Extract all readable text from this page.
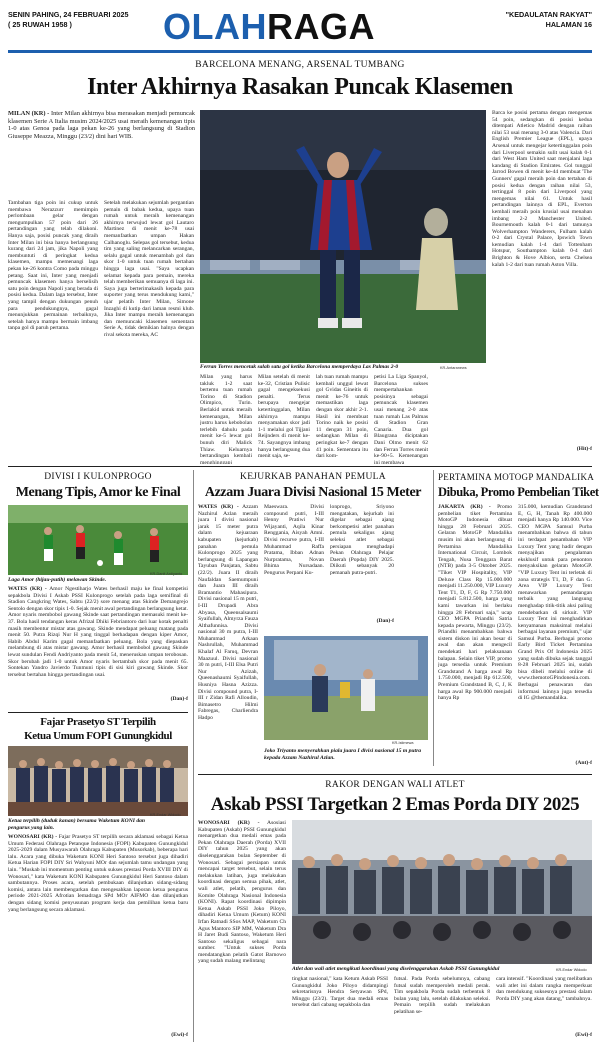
SENIN PAHING, 24 FEBRUARI 2025
( 25 RUWAH 1958 )	OLAHRAGA	"KEDAULATAN RAKYAT"
HALAMAN 16
BARCELONA MENANG, ARSENAL TUMBANG
Inter Akhirnya Rasakan Puncak Klasemen
MILAN (KR) - Inter Milan akhirnya bisa merasakan menjadi pemuncak klasemen Serie A Italia musim 2024/2025 usai meraih kemenangan tipis 1-0 atas Genoa pada laga pekan ke-26 yang berlangsung di Stadion Giuseppe Meazza, Minggu (23/2) dini hari WIB.
Tambahan tiga poin ini cukup untuk membawa Nerazzurr memimpin perlombaan gelar dengan mengumpulkan 57 poin dari 26 pertandingan yang telah dilakoni. Hanya saja, posisi puncak yang diraih Inter Milan ini bisa hanya berlangsung kurang dari 24 jam, jika Napoli yang membuntuti di peringkat kedua klasemen, mampu memenangi laga pekan ke-26 kontra Como pada minggu petang. Saat ini, Inter yang menjadi pemuncak klasemen hanya berselisih satu poin dengan Napoli yang berada di posisi kedua. Dalam laga tersebut, Inter yang tampil dengan dukungan penuh para pendukungnya, gagal menunjukkan permainan terbaiknya, setelah hanya mampu bermain imbang tanpa gol di paruh pertama.
Setelah melakukan sejumlah pergantian pemain di babak kedua, upaya tuan rumah untuk meraih kemenangan akhirnya terwujud lewat gol Lautaro Martinez di menit ke-78 usai memanfaatkan umpan Hakan Calhanoglu. Selepas gol tersebut, kedua tim yang saling melancarkan serangan, selalu gagal untuk menambah gol dan skor 1-0 untuk tuan rumah bertahan hingga laga usai. "Saya ucapkan selamat kepada para pemain, mereka telah memberikan semuanya di laga ini. Saya juga berterimakasih kepada para suporter yang terus mendukung kami," ujar pelatih Inter Milan, Simone Inzaghi di kutip dari laman resmi klub. Jika Inter mampu meraih kemenangan dan memuncaki klasemen sementara Serie A, tidak demikian halnya dengan rival sekota mereka, AC
Ferran Torres mencetak salah satu gol ketika Barcelona memperdaya Las Palmas 2-0	KR-Antaranews
Milan yang harus takluk 1-2 saat bertemu tuan rumah Torino di Stadion Olimpico, Turin. Berlakid untuk meraih kemenangan, Milan justru harus kebobolan terlebih dahulu pada menit ke-5 lewat gol bunuh diri Malick Thiaw. Keluarnya bertandingan kembali menghinggapi
Milan setelah di menit ke-32, Cristian Pulisic gagal mengeksekusi penalti. Terus berupaya mengejar ketertinggalan, Milan akhirnya mampu menyamakan skor jadi 1-1 melalui gol Tijjani Reijnders di menit ke-74. Sayangnya imbang hanya berlangsung dua menit saja, se-
lah tuan rumah mampu kembali unggul lewat gol Gvidas Gineitis di menit ke-76 untuk memastikan laga dengan skor akhir 2-1. Hasil ini membuat Torino naik ke posisi 11 dengan 31 poin, sedangkan Milan di peringkat ke-7 dengan 41 poin. Sementara itu dari kom-
petisi La Liga Spanyol, Barcelona sukses mempertahankan posisinya sebagai pemuncak klasemen usai menang 2-0 atas tuan rumah Las Palmas di Stadion Gran Canaria. Dua gol Blaugrana diciptakan Dani Olmo menit 62 dan Ferran Torres menit ke-90+5. Kemenangan ini membawa
Barca ke posisi pertama dengan mengemas 54 poin, sedangkan di posisi kedua ditempati Atletico Madrid dengan raihan nilai 53 usai menang 3-0 atas Valencia. Dari English Premier League (EPL), upaya Arsenal untuk mengejar ketertinggalan poin dari Liverpool semakin sulit usai kalah 0-1 dari West Ham United saat menjalani laga kandang di Stadion Emirates. Gol tunggal Jarrod Bowen di menit ke-44 membuat 'The Gunners' gagal meraih poin dan tertahan di posisi kedua dengan raihan nilai 53, tertinggal 8 poin dari Liverpool yang mengemas nilai 61. Untuk hasil pertandingan lainnya di EPL, Everton kembali meraih poin krusial usai menahan imbang 2-2 Manchester United. Bournemouth kalah 0-1 dari tamunya Wolverhampton Wanderers, Fulham kalah 0-2 dari Crystal Palace, Ipswich Town kemudian kalah 1-4 dari Tottenham Hotspur, Southampton kalah 0-4 dari Brighton & Hove Albion, serta Chelsea kalah 1-2 dari tuan rumah Aston Villa.
(Hit)-f
DIVISI I KULONPROGO
Menang Tipis, Amor ke Final
Laga Amor (hijau-putih) melawan Skinde.
KR-Danit Ardiyanto
WATES (KR) - Amor Ngestiharjo Wates berhasil maju ke final kompetisi sepakbola Divisi I Askab PSSI Kulonprogo setelah pada laga semifinal di Stadion Cangkring Wates, Sabtu (22/2) sore menang atas Skinde Demangrejo Sentolo dengan skor tipis 1-0. Sejak menit awal pertandingan berlangsung ketat. Amor nyaris membobol gawang Skinde saat pertandingan memasuki menit ke-37. Bola hasil tendangan keras Afrizal Dhiki Febriantoro dari luar kotak penalti masih membentur mistar atas gawang. Skinde mendapat peluang matang pada menit 50. Putra Rizqi Nur H yang tinggal berhadapan dengan kiper Amor, Habib Abdul Karim gagal memanfaatkan peluang. Bola yang diepaskan melambung di atas mistar gawang. Amor berhasil membobol gawang Skinde lewat sundulan Fendi Andriyanto pada menit 54, meneruskan umpan terobosan. Skor berubah jadi 1-0 untuk Amor nyaris bertambah skor pada menit 65. Sontekan Yandro Javierdo Tunmuni tipis di sisi kiri gawang Skinde. Skor tersebut bertahan hingga pertandingan usai.
(Dan)-f
Fajar Prasetyo ST Terpilih
Ketua Umum FOPI Gunungkidul
Ketua terpilih (duduk kanan) bersama Waketum KONI dan pengurus yang lain.
KR-Endar Widodo
WONOSARI (KR) - Fajar Prasetyo ST terpilih secara aklamasi sebagai Ketua Umum Federasi Olahraga Petanque Indonesia (FOPI) Kabupaten Gunungkidul 2025-2029 dalam Musyawarah Olahraga Kabupaten (Musorkab), beberapa hari lalu. Acara yang dibuka Waketum KONI Heri Santoso tersebut juga dihadiri Ketua Harian FOPI DIY Sri Wahyuni MOr dan sejumlah tamu undangan yang lain. "Muskab ini momentum penting untuk sukses prestasi Porda XVIII DIY di Wonosari," kata Waketum KONI Kabupaten Gunungkidul Heri Santoso dalam sambutannya. Proses acara, setelah pembukaan dilanjutkan sidang-sidang komisi, antara lain membengarkan dan mengesahkan laporan ketua pengurus periode 2021-2025 Afrotian Iemadraga SPd MOr AIFMO dan dilanjutkan dengan sidang komisi penyusunan program kerja dan pemilihan ketua baru yang berlangsung secara aklamasi.
(Ewi)-f
KEJURKAB PANAHAN PEMULA
Azzam Juara Divisi Nasional 15 Meter
WATES (KR) - Azzam Nazhirul Azlan meraih juara I divisi nasional jarak 15 meter putra dalam kejuaraan kabupaten (kejurkab) panahan pemula Kulonprogo 2025 yang berlangsung di Lapangan Tayuban Panjatan, Sabtu (22/2). Juara II diraih Naufaldan Saemumpuni dan Juara III diraih Bramantio Mahasipura. Divisi nasional 15 m putri, I-III Drupadi Abra Abyasa, Queensalsaumi Syaifullah, Almyrza Fauza Althafunnisa. Divisi nasional 30 m putra, I-III Muhammad Arkaan Nashrullah, Muhammad Khalaf Al Faruq, Devran Maazuul. Divisi nasional 30 m putri, I-III Elsa Putri Nur Azizah, Queenashaumi Syaifullah, Husniya Hasna Azizza. Divisi compound putra, I-III r Zidan Rafi Alloudin, Bimasetro Hilmi Fabregas, Charliendra Hadpo
Maeswara. Divisi compound putri, I-III Henny Pratiwi Nur Wijayanti, Aqila Kinar Renggania, Aisyah Amni. Divisi recurve putra, I-III Muhammad Raffa Pratama, Ibban Adnan Nurpratama, Novan Bhima Nursadaan. Pengurus Perpani Ku-
lonprogo, Sriyono mengatakan, kejurkab ini digelar sebagai ajang berkompetisi atlet panahan pemula sekaligus ajang seleksi atlet sebagai persiapan menghadapi Pekan Olahraga Pelajar Daerah (Popda) DIY 2025. Diikuti sebanyak 20 pemanah putra-putri.
(Dan)-f
KR-Istimewa
Joko Triyanto menyerahkan piala juara I divisi nasional 15 m putra kepada Azzam Nazhirul Azlan.
PERTAMINA MOTOGP MANDALIKA
Dibuka, Promo Pembelian Tiket
JAKARTA (KR) - Promo pembelian tiket Pertamina MotoGP Indonesia dibuat hingga 28 Februari 2025. Gelaran MotoGP Mandalika musim ini akan berlangsung di Pertamina Mandalika International Circuit, Lombok Tengah, Nusa Tenggara Barat (NTB) pada 3-5 Oktober 2025. "Tiket VIP Hospitality, VIP Deluxe Class Rp 15.000.000 menjadi 11.250.000, VIP Luxury Tent T1, D, F, G Rp 7.750.000 menjadi 5.812.500, harga yang kami tawarkan ini berlaku hingga 28 Februari saja," ucap CEO MGPA Priandhi Satria kepada pewarta, Minggu (23/2). Priandhi menambahkan bahwa sistem diskon ini akan besar di awal dan akan mengecil mendekati hari pelaksanaan balapan. Selain tiket VIP, promo juga tersedia untuk Premium Grandstand A harga awal Rp 1.750.000, menjadi Rp 612.500, Premium Grandstand B, C, J, K harga awal Rp 900.000 menjadi hanya Rp
315.000, kemudian Grandstand E, G, H, Tanah Rp 400.000 menjadi hanya Rp 140.000. Vice CEO MGPA Samsul Purba menambahkan bahwa di tahun ini terdapat penambahan VIP Luxury Tent yang hadir dengan menyajikan pengalaman eksklusif untuk para penonton menyaksikan gelaran MotoGP. "VIP Luxury Tent ini terletak di zona strategis T1, D, F dan G. Area VIP Luxury Tent menawarkan pemandangan terbaik yang langsung menghadap titik-titik aksi paling mendebarkan di sirkuit. VIP Luxury Tent ini menghadirkan kenyamanan maksimal melalui berbagai layanan premium," ujar Samsul Purba. Berbagai promo Early Bird Ticket Pertamina Grand Prix Of Indonesia 2025 yang sudah dibuka sejak tanggal 8-28 Februari 2025 ini, sudah bisa dibeli melalui online di www.themotoGPindonesia.com. Berbagai penawaran dan informasi lainnya juga tersedia di IG @themandalika.
(Ant)-f
RAKOR DENGAN WALI ATLET
Askab PSSI Targetkan 2 Emas Porda DIY 2025
WONOSARI (KR) - Asosiasi Kabupaten (Askab) PSSI Gunungkidul menargetkan dua medali emas pada Pekan Olahraga Daerah (Porda) XVII DIY tahun 2025 yang akan diselenggarakan bulan September di Wonosari. Sebagai persiapan untuk mencapai target tersebut, selain terus melakukan latihan, juga melakukan koordinasi dengan semua pihak, atlet, wali atlet, pelatih, pengurus dan Komite Olahraga Nasional Indonesia (KONI). Rapat koordinasi dipimpin Ketua Askab PSSI Joko Piloyo, dihadiri Ketua Umum (Ketum) KONI Irfan Ratnadi SSos MAP, Waketum Ch Agus Mantoro SIP MM, Waketum Dra H Jaret Budi Santoso, Waketum Heri Santoso sekaligus sebagai nara sumber. "Untuk sukses Porda mendatangkan pelatih Gatot Barnowo yang sudah malang melintang
Atlet dan wali atlet mengikuti koordinasi yang diselenggarakan Askab PSSI Gunungkidul	KR-Endar Widodo
tingkat nasional," kata Ketum Askab PSSI Gunungkidul Joko Piloyo didampingi sekretarisnya Hendra Setyawan SPd, Minggu (23/2). Target dua medali emas tersebut dari cabang sepakbola dan
futsal. Pada Porda sebelumnya, cabang futsal sudah memperoleh medali perak. Tim sepakbola Porda sudah terbentuk 8 bulan yang lalu, setelah dilakukan seleksi. Pemain terpilih sudah melakukan pelatihan se-
cara intensif. "Koordinasi yang melibatkan wali atlet ini dalam rangka memperkuat dan mendukung suksesnya prestasi dalam Porda DIY yang akan datang," tambahnya.
(Ewi)-f
